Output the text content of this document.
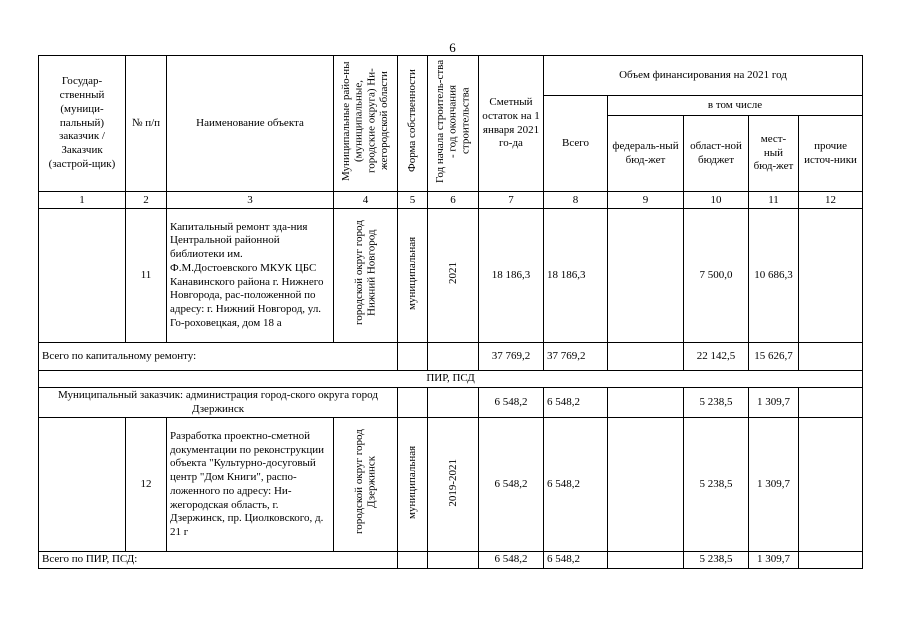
6
Государ-ственный (муници-пальный) заказчик / Заказчик (застрой-щик)	№ п/п	Наименование объекта	Муниципальные райо-ны (муниципальные, городские округа) Ни-жегородской области	Форма собственности	Год начала строитель-ства - год окончания строительства	Сметный остаток на 1 января 2021 го-да	Объем финансирования на 2021 год				
							Всего	в том числе			
								федераль-ный бюд-жет	област-ной бюджет	мест-ный бюд-жет	прочие источ-ники
1	2	3	4	5	6	7	8	9	10	11	12
	11	Капитальный ремонт зда-ния Центральной районной библиотеки им. Ф.М.Достоевского МКУК ЦБС Канавинского района г. Нижнего Новгорода, рас-положенной по адресу: г. Нижний Новгород, ул. Го-роховецкая, дом 18 а	городской округ город Нижний Новгород	муниципальная	2021	18 186,3	18 186,3		7 500,0	10 686,3	
Всего по капитальному ремонту:						37 769,2	37 769,2		22 142,5	15 626,7	
ПИР, ПСД											
Муниципальный заказчик: администрация город-ского округа город Дзержинск						6 548,2	6 548,2		5 238,5	1 309,7	
	12	Разработка проектно-сметной документации по реконструкции объекта "Культурно-досуговый центр "Дом Книги", распо-ложенного по адресу: Ни-жегородская область, г. Дзержинск, пр. Циолковского, д. 21 г	городской округ город Дзержинск	муниципальная	2019-2021	6 548,2	6 548,2		5 238,5	1 309,7	
Всего по ПИР, ПСД:						6 548,2	6 548,2		5 238,5	1 309,7	
